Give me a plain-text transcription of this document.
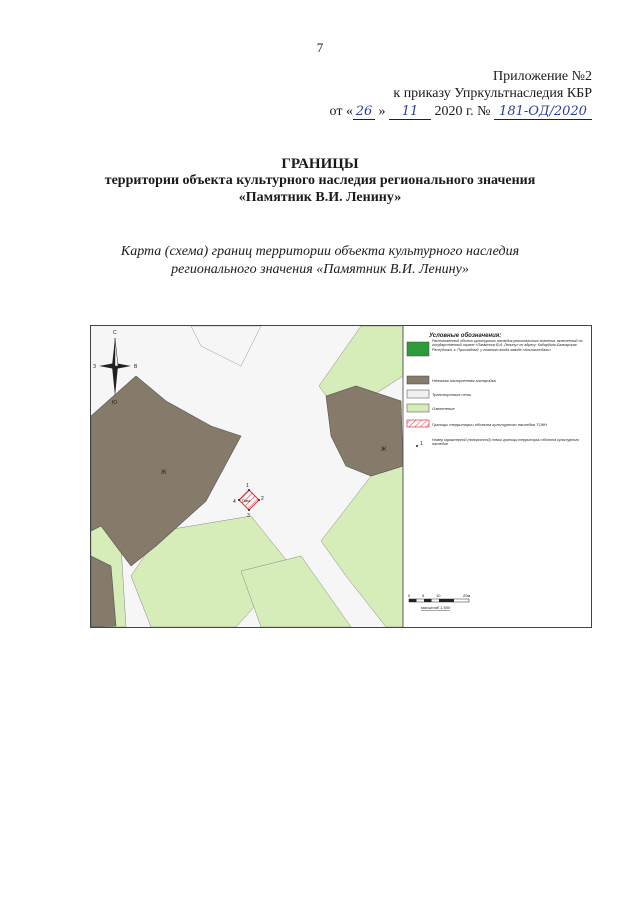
7
Приложение №2
к приказу Упркультнаследия КБР
от « 26 » 11 2020 г. № 181-ОД/2020
ГРАНИЦЫ
территории объекта культурного наследия регионального значения
«Памятник В.И. Ленину»
Карта (схема) границ территории объекта культурного наследия
регионального значения «Памятник В.И. Ленину»
Ж
Ж
Пам
1
2
3
4
С
Ю
З	В
Условные обозначения:
Расположенный объект культурного наследия регионального значения, включенный на государственной охране «Памятник В.И. Ленину» по адресу: Кабардино-Балкарская Республика, г. Прохладный, у главного входа завода «Альтконсбаль»
Нежилая застроенная застройка
Транспортные сети
Озеленение
Границы территории объекта культурного наследия ТОКН
1
Номер характерной (поворотной) точки границы территории объекта культурного наследия
0	5	10	20м
масштаб 1:500
